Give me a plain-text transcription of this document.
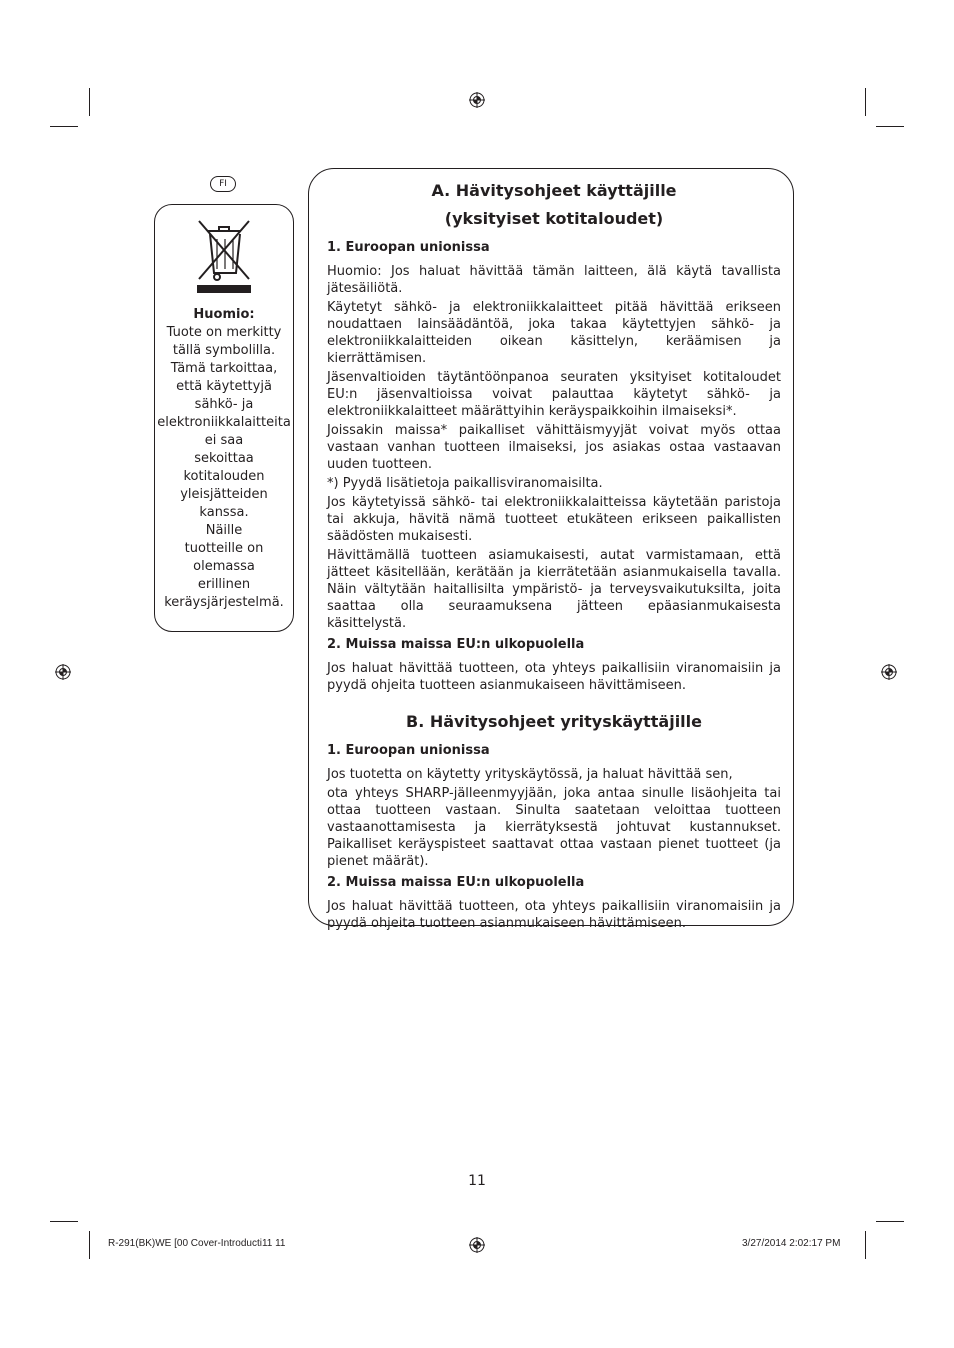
FI
Huomio:
Tuote on merkitty
tällä symbolilla.
Tämä tarkoittaa,
että käytettyjä
sähkö- ja
elektroniikkalaitteita
ei saa
sekoittaa
kotitalouden
yleisjätteiden
kanssa.
Näille
tuotteille on
olemassa
erillinen
keräysjärjestelmä.

A. Hävitysohjeet käyttäjille

(yksityiset kotitaloudet)

1. Euroopan unionissa

Huomio: Jos haluat hävittää tämän laitteen, älä käytä tavallista jätesäiliötä.

Käytetyt sähkö- ja elektroniikkalaitteet pitää hävittää erikseen noudattaen lainsäädäntöä, joka takaa käytettyjen sähkö- ja elektroniikkalaitteiden oikean käsittelyn, keräämisen ja kierrättämisen.

Jäsenvaltioiden täytäntöönpanoa seuraten yksityiset kotitaloudet EU:n jäsenvaltioissa voivat palauttaa käytetyt sähkö- ja elektroniikkalaitteet määrättyihin keräyspaikkoihin ilmaiseksi*.

Joissakin maissa* paikalliset vähittäismyyjät voivat myös ottaa vastaan vanhan tuotteen ilmaiseksi, jos asiakas ostaa vastaavan uuden tuotteen.

*) Pyydä lisätietoja paikallisviranomaisilta.

Jos käytetyissä sähkö- tai elektroniikkalaitteissa käytetään paristoja tai akkuja, hävitä nämä tuotteet etukäteen erikseen paikallisten säädösten mukaisesti.

Hävittämällä tuotteen asiamukaisesti, autat varmistamaan, että jätteet käsitellään, kerätään ja kierrätetään asianmukaisella tavalla. Näin vältytään haitallisilta ympäristö- ja terveysvaikutuksilta, joita saattaa olla seuraamuksena jätteen epäasianmukaisesta käsittelystä.

2. Muissa maissa EU:n ulkopuolella

Jos haluat hävittää tuotteen, ota yhteys paikallisiin viranomaisiin ja pyydä ohjeita tuotteen asianmukaiseen hävittämiseen.

B. Hävitysohjeet yrityskäyttäjille

1. Euroopan unionissa

Jos tuotetta on käytetty yrityskäytössä, ja haluat hävittää sen,

ota yhteys SHARP-jälleenmyyjään, joka antaa sinulle lisäohjeita tai ottaa tuotteen vastaan. Sinulta saatetaan veloittaa tuotteen vastaanottamisesta ja kierrätyksestä johtuvat kustannukset. Paikalliset keräyspisteet saattavat ottaa vastaan pienet tuotteet (ja pienet määrät).

2. Muissa maissa EU:n ulkopuolella

Jos haluat hävittää tuotteen, ota yhteys paikallisiin viranomaisiin ja pyydä ohjeita tuotteen asianmukaiseen hävittämiseen.

11
R-291(BK)WE [00 Cover-Introducti11 11	3/27/2014 2:02:17 PM
